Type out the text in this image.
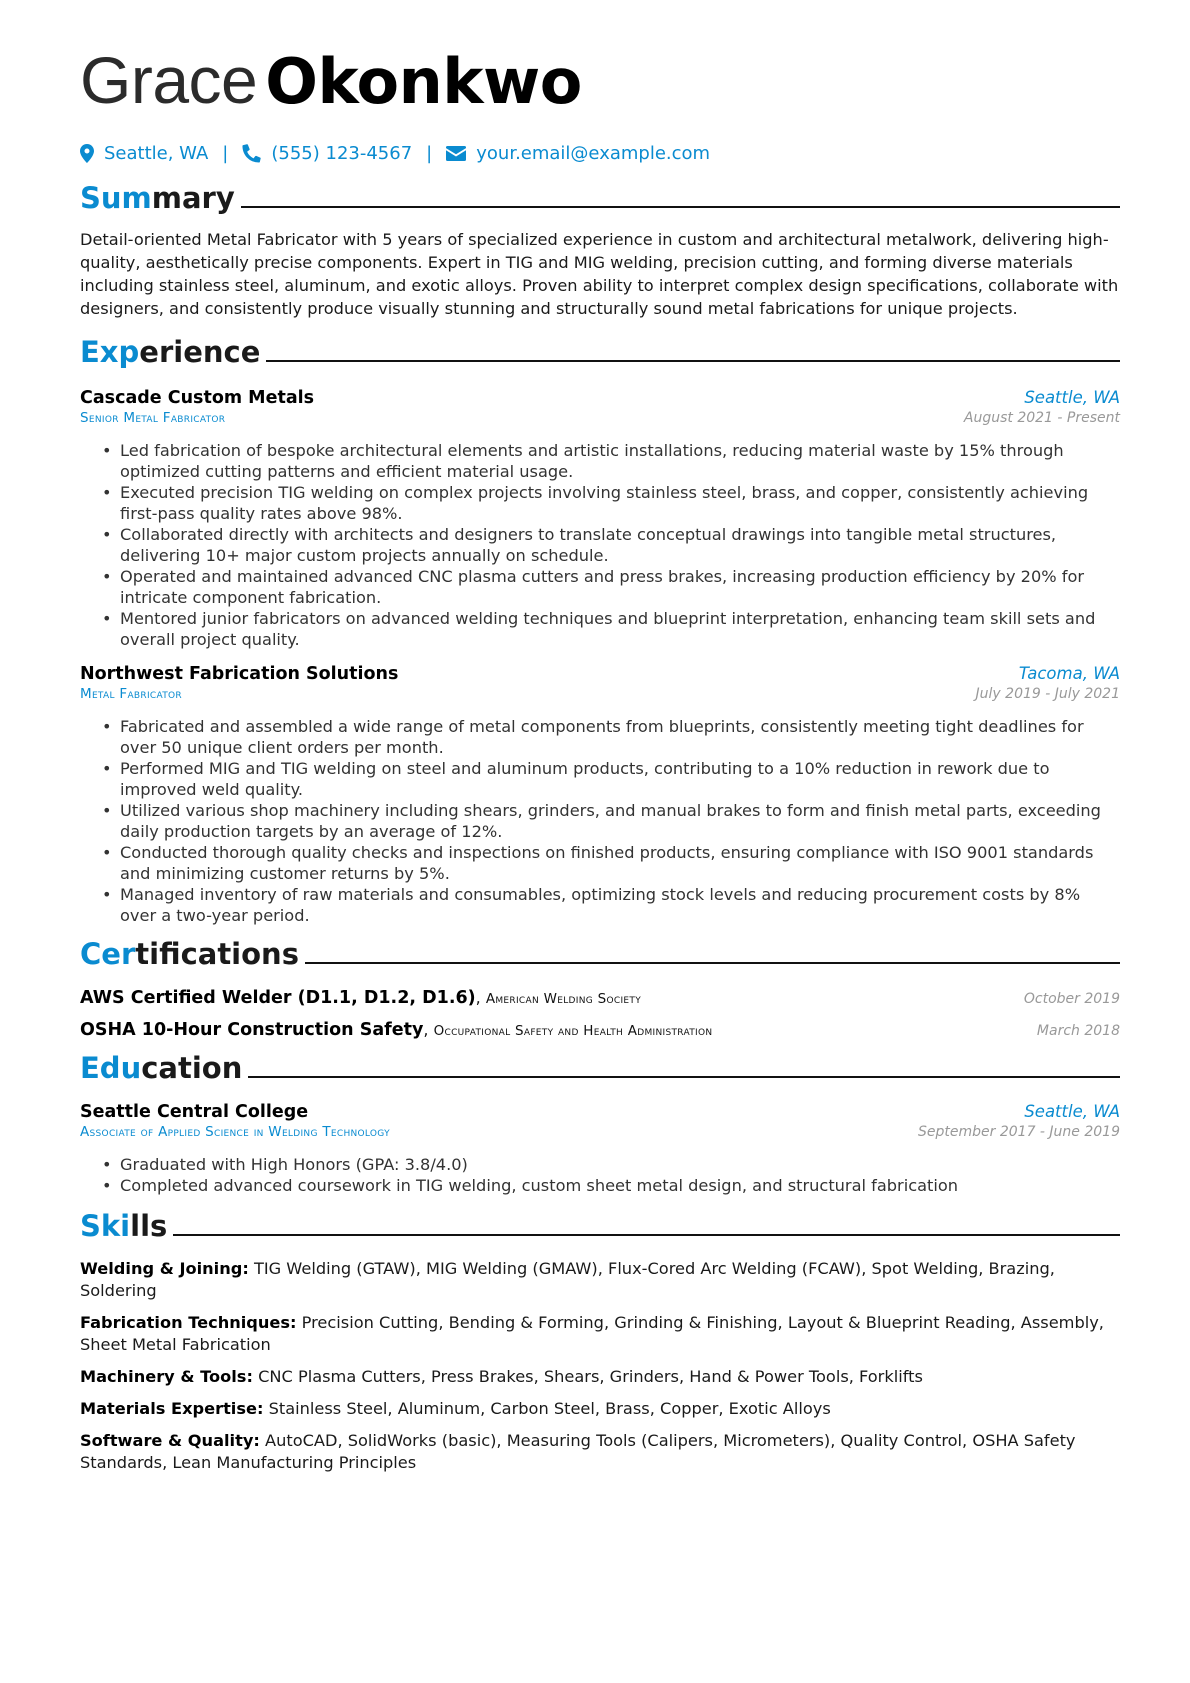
Grace Okonkwo
Seattle, WA | (555) 123-4567 | your.email@example.com
Summary

Detail-oriented Metal Fabricator with 5 years of specialized experience in custom and architectural metalwork, delivering high-quality, aesthetically precise components. Expert in TIG and MIG welding, precision cutting, and forming diverse materials including stainless steel, aluminum, and exotic alloys. Proven ability to interpret complex design specifications, collaborate with designers, and consistently produce visually stunning and structurally sound metal fabrications for unique projects.

Experience
Cascade Custom Metals	Seattle, WA
Senior Metal Fabricator	August 2021 - Present
• Led fabrication of bespoke architectural elements and artistic installations, reducing material waste by 15% through optimized cutting patterns and efficient material usage.
• Executed precision TIG welding on complex projects involving stainless steel, brass, and copper, consistently achieving first-pass quality rates above 98%.
• Collaborated directly with architects and designers to translate conceptual drawings into tangible metal structures, delivering 10+ major custom projects annually on schedule.
• Operated and maintained advanced CNC plasma cutters and press brakes, increasing production efficiency by 20% for intricate component fabrication.
• Mentored junior fabricators on advanced welding techniques and blueprint interpretation, enhancing team skill sets and overall project quality.
Northwest Fabrication Solutions	Tacoma, WA
Metal Fabricator	July 2019 - July 2021
• Fabricated and assembled a wide range of metal components from blueprints, consistently meeting tight deadlines for over 50 unique client orders per month.
• Performed MIG and TIG welding on steel and aluminum products, contributing to a 10% reduction in rework due to improved weld quality.
• Utilized various shop machinery including shears, grinders, and manual brakes to form and finish metal parts, exceeding daily production targets by an average of 12%.
• Conducted thorough quality checks and inspections on finished products, ensuring compliance with ISO 9001 standards and minimizing customer returns by 5%.
• Managed inventory of raw materials and consumables, optimizing stock levels and reducing procurement costs by 8% over a two-year period.
Certifications
AWS Certified Welder (D1.1, D1.2, D1.6), American Welding Society	October 2019
OSHA 10-Hour Construction Safety, Occupational Safety and Health Administration	March 2018
Education
Seattle Central College	Seattle, WA
Associate of Applied Science in Welding Technology	September 2017 - June 2019
• Graduated with High Honors (GPA: 3.8/4.0)
• Completed advanced coursework in TIG welding, custom sheet metal design, and structural fabrication
Skills

Welding & Joining: TIG Welding (GTAW), MIG Welding (GMAW), Flux-Cored Arc Welding (FCAW), Spot Welding, Brazing, Soldering

Fabrication Techniques: Precision Cutting, Bending & Forming, Grinding & Finishing, Layout & Blueprint Reading, Assembly, Sheet Metal Fabrication

Machinery & Tools: CNC Plasma Cutters, Press Brakes, Shears, Grinders, Hand & Power Tools, Forklifts

Materials Expertise: Stainless Steel, Aluminum, Carbon Steel, Brass, Copper, Exotic Alloys

Software & Quality: AutoCAD, SolidWorks (basic), Measuring Tools (Calipers, Micrometers), Quality Control, OSHA Safety Standards, Lean Manufacturing Principles
